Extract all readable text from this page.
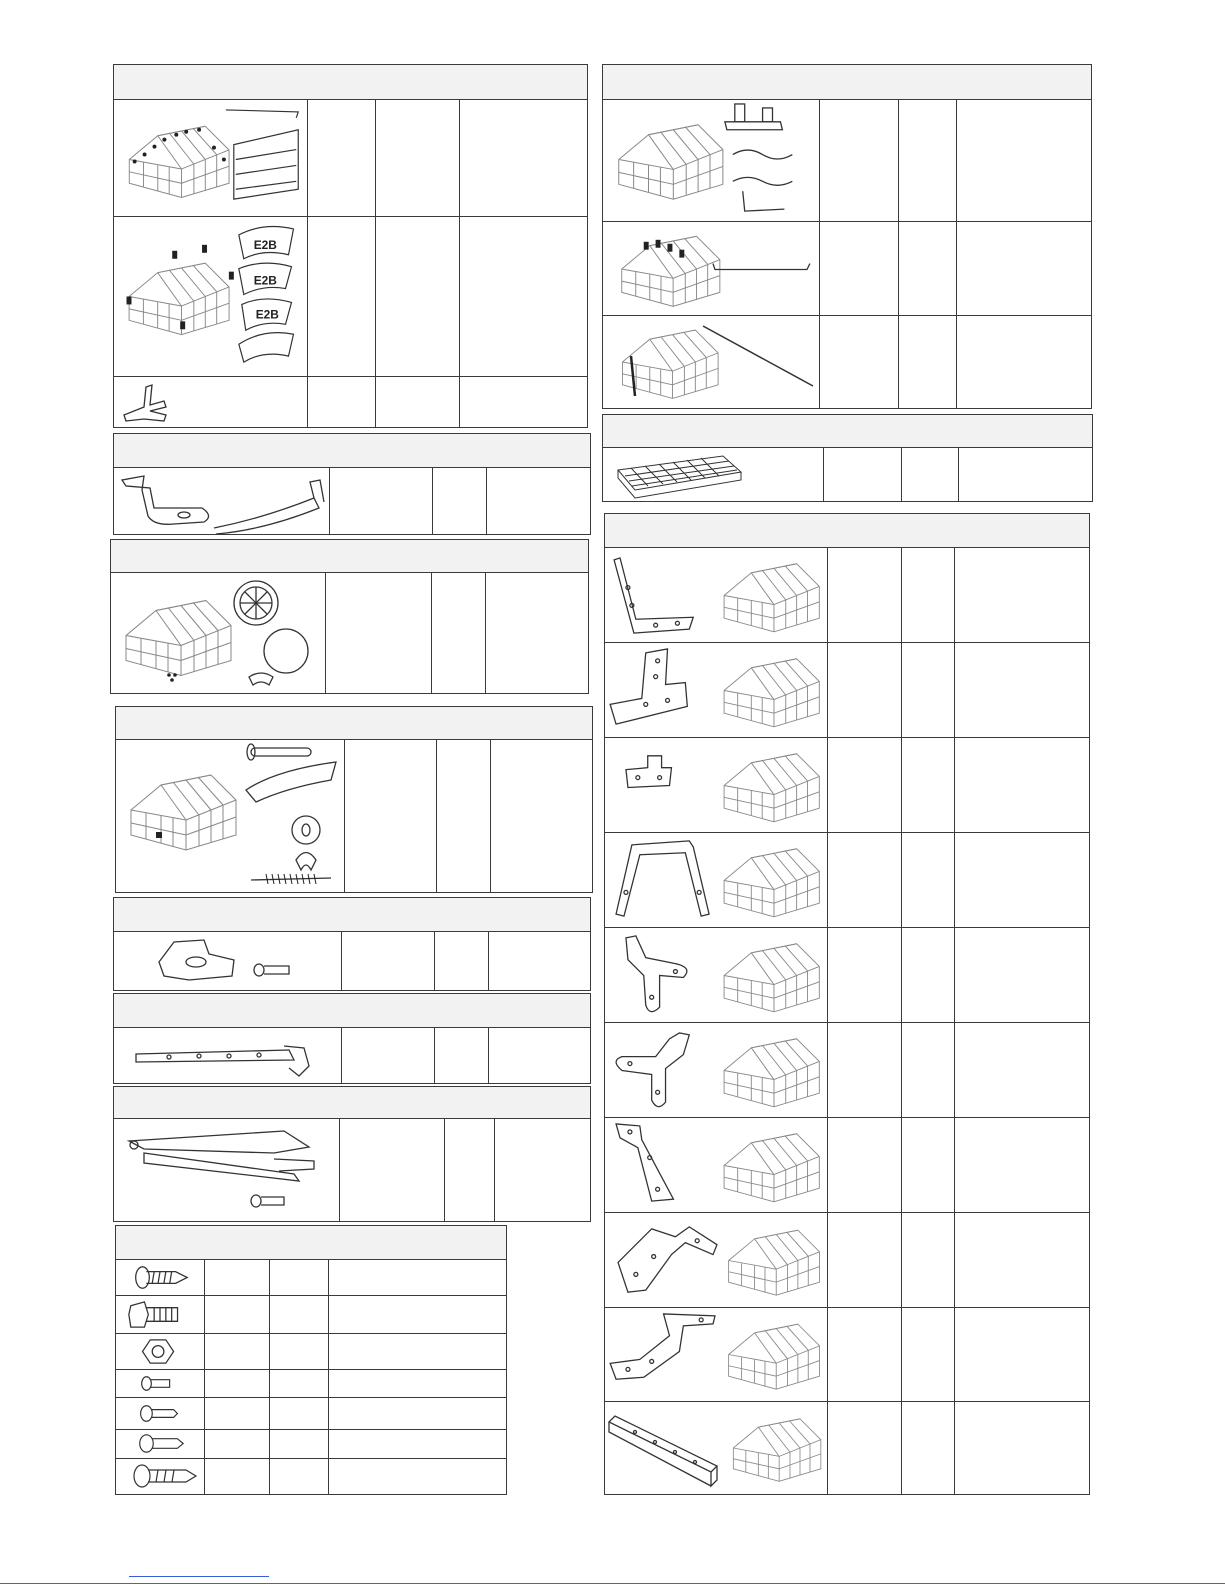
E2B
E2B
E2B
